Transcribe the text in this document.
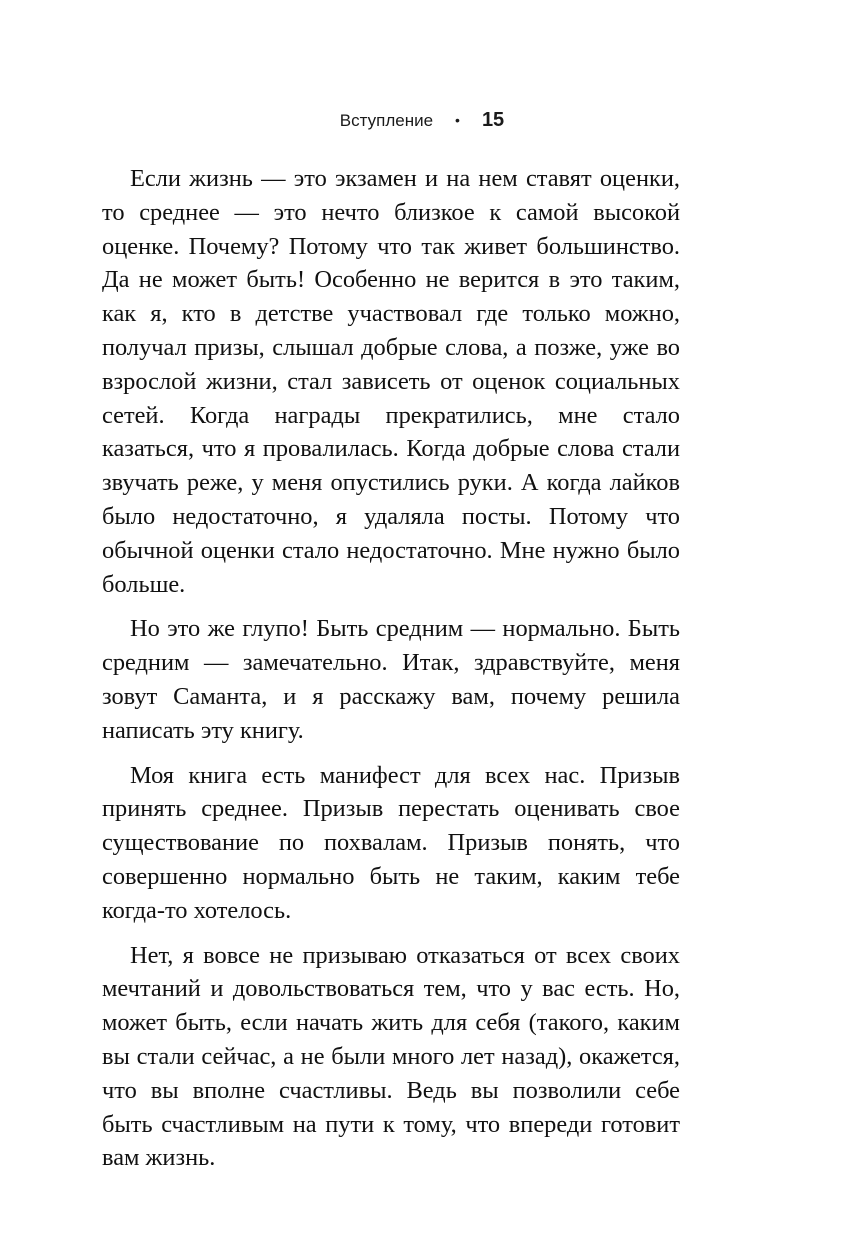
Вступление • 15

Если жизнь — это экзамен и на нем ставят оценки, то среднее — это нечто близкое к самой высокой оценке. Почему? Потому что так живет большинство. Да не может быть! Особенно не верится в это таким, как я, кто в детстве участвовал где только можно, получал призы, слышал добрые слова, а позже, уже во взрослой жизни, стал зависеть от оценок социальных сетей. Когда награды прекратились, мне стало казаться, что я провалилась. Когда добрые слова стали звучать реже, у меня опустились руки. А когда лайков было недостаточно, я удаляла посты. Потому что обычной оценки стало недостаточно. Мне нужно было больше.

Но это же глупо! Быть средним — нормально. Быть средним — замечательно. Итак, здравствуйте, меня зовут Саманта, и я расскажу вам, почему решила написать эту книгу.

Моя книга есть манифест для всех нас. Призыв принять среднее. Призыв перестать оценивать свое существование по похвалам. Призыв понять, что совершенно нормально быть не таким, каким тебе когда-то хотелось.

Нет, я вовсе не призываю отказаться от всех своих мечтаний и довольствоваться тем, что у вас есть. Но, может быть, если начать жить для себя (такого, каким вы стали сейчас, а не были много лет назад), окажется, что вы вполне счастливы. Ведь вы позволили себе быть счастливым на пути к тому, что впереди готовит вам жизнь.
